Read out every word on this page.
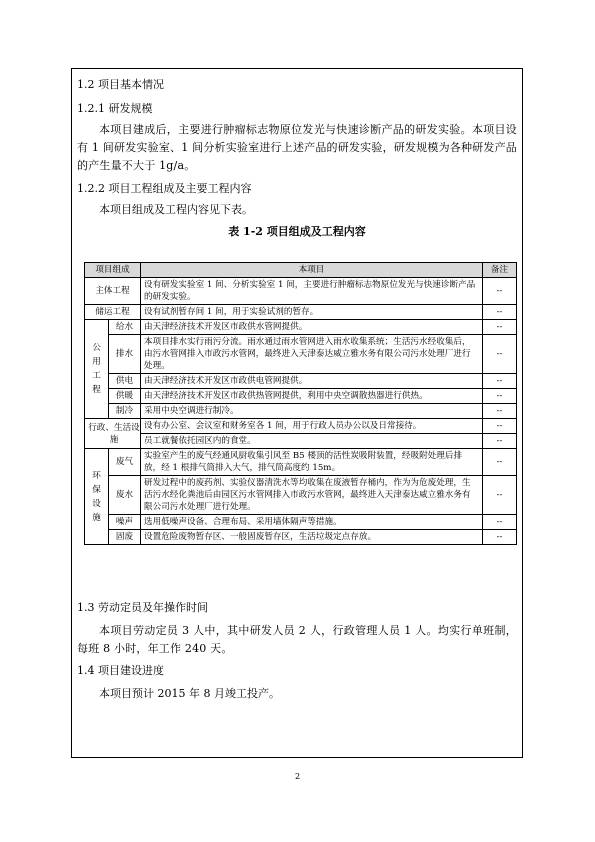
1.2 项目基本情况

1.2.1 研发规模

本项目建成后，主要进行肿瘤标志物原位发光与快速诊断产品的研发实验。本项目设有 1 间研发实验室、1 间分析实验室进行上述产品的研发实验，研发规模为各种研发产品的产生量不大于 1g/a。

1.2.2 项目工程组成及主要工程内容

本项目组成及工程内容见下表。

表 1-2 项目组成及工程内容

项目组成		本项目	备注
主体工程		设有研发实验室 1 间、分析实验室 1 间，主要进行肿瘤标志物原位发光与快速诊断产品的研发实验。	--
储运工程		设有试剂暂存间 1 间，用于实验试剂的暂存。	--

公用工程	给水	由天津经济技术开发区市政供水管网提供。	--
	排水	本项目排水实行雨污分流。雨水通过雨水管网进入雨水收集系统；生活污水经收集后，由污水管网排入市政污水管网，最终进入天津泰达威立雅水务有限公司污水处理厂进行处理。	--
	供电	由天津经济技术开发区市政供电管网提供。	--
	供暖	由天津经济技术开发区市政供热管网提供，利用中央空调散热器进行供热。	--
	制冷	采用中央空调进行制冷。	--

行政、生活设施		设有办公室、会议室和财务室各 1 间，用于行政人员办公以及日常接待。	--
		员工就餐依托园区内的食堂。	--

环保设施	废气	实验室产生的废气经通风厨收集引风至 B5 楼顶的活性炭吸附装置，经吸附处理后排放，经 1 根排气筒排入大气，排气筒高度约 15m。	--
	废水	研发过程中的废药剂、实验仪器清洗水等均收集在废液暂存桶内，作为为危废处理，生活污水经化粪池后由园区污水管网排入市政污水管网，最终进入天津泰达威立雅水务有限公司污水处理厂进行处理。	--
	噪声	选用低噪声设备、合理布局、采用墙体隔声等措施。	--
	固废	设置危险废物暂存区、一般固废暂存区，生活垃圾定点存放。	--

1.3 劳动定员及年操作时间

本项目劳动定员 3 人中，其中研发人员 2 人，行政管理人员 1 人。均实行单班制，每班 8 小时，年工作 240 天。

1.4 项目建设进度

本项目预计 2015 年 8 月竣工投产。

2
